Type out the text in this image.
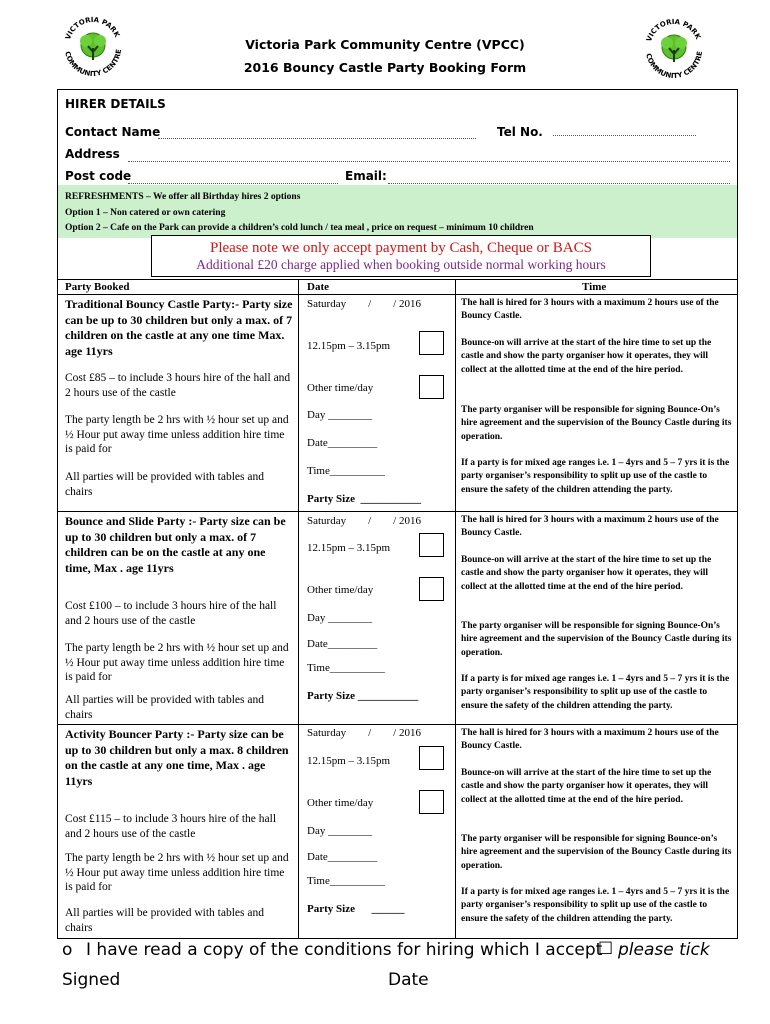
VICTORIA PARK
COMMUNITY CENTRE
VICTORIA PARK
COMMUNITY CENTRE
Victoria Park Community Centre (VPCC)
2016 Bouncy Castle Party Booking Form
HIRER DETAILS
Contact Name	Tel No.
Address
Post code	Email:
REFRESHMENTS – We offer all Birthday hires 2 options
Option 1 – Non catered or own catering
Option 2 – Cafe on the Park can provide a children’s cold lunch / tea meal , price on request – minimum 10 children
Please note we only accept payment by Cash, Cheque or BACS
Additional £20 charge applied when booking outside normal working hours
Party Booked	Date	Time
Traditional Bouncy Castle Party:- Party size can be up to 30 children but only a max. of 7 children on the castle at any one time Max. age 11yrs
Cost £85 – to include 3 hours hire of the hall and 2 hours use of the castle
The party length be 2 hrs with ½ hour set up and ½ Hour put away time unless addition hire time is paid for
All parties will be provided with tables and chairs
Saturday        /        / 2016
12.15pm – 3.15pm
Other time/day
Day ________
Date_________
Time__________
Party Size  ___________
The hall is hired for 3 hours with a maximum 2 hours use of the Bouncy Castle.
Bounce-on will arrive at the start of the hire time to set up the castle and show the party organiser how it operates, they will collect at the allotted time at the end of the hire period.
The party organiser will be responsible for signing Bounce-On’s hire agreement and the supervision of the Bouncy Castle during its operation.
If a party is for mixed age ranges i.e. 1 – 4yrs and 5 – 7 yrs it is the party organiser’s responsibility to split up use of the castle to ensure the safety of the children attending the party.
Bounce and Slide Party :- Party size can be up to 30 children but only a max. of 7 children can be on the castle at any one time, Max . age 11yrs
Cost £100 – to include 3 hours hire of the hall and 2 hours use of the castle
The party length be 2 hrs with ½ hour set up and ½ Hour put away time unless addition hire time is paid for
All parties will be provided with tables and chairs
Saturday        /        / 2016
12.15pm – 3.15pm
Other time/day
Day ________
Date_________
Time__________
Party Size ___________
The hall is hired for 3 hours with a maximum 2 hours use of the Bouncy Castle.
Bounce-on will arrive at the start of the hire time to set up the castle and show the party organiser how it operates, they will collect at the allotted time at the end of the hire period.
The party organiser will be responsible for signing Bounce-On’s hire agreement and the supervision of the Bouncy Castle during its operation.
If a party is for mixed age ranges i.e. 1 – 4yrs and 5 – 7 yrs it is the party organiser’s responsibility to split up use of the castle to ensure the safety of the children attending the party.
Activity Bouncer Party :- Party size can be up to 30 children but only a max. 8 children on the castle at any one time, Max . age 11yrs
Cost £115 – to include 3 hours hire of the hall and 2 hours use of the castle
The party length be 2 hrs with ½ hour set up and ½ Hour put away time unless addition hire time is paid for
All parties will be provided with tables and chairs
Saturday        /        / 2016
12.15pm – 3.15pm
Other time/day
Day ________
Date_________
Time__________
Party Size      ______
The hall is hired for 3 hours with a maximum 2 hours use of the Bouncy Castle.
Bounce-on will arrive at the start of the hire time to set up the castle and show the party organiser how it operates, they will collect at the allotted time at the end of the hire period.
The party organiser will be responsible for signing Bounce-on’s hire agreement and the supervision of the Bouncy Castle during its operation.
If a party is for mixed age ranges i.e. 1 – 4yrs and 5 – 7 yrs it is the party organiser’s responsibility to split up use of the castle to ensure the safety of the children attending the party.
o I have read a copy of the conditions for hiring which I accept
☐ please tick
Signed	Date
